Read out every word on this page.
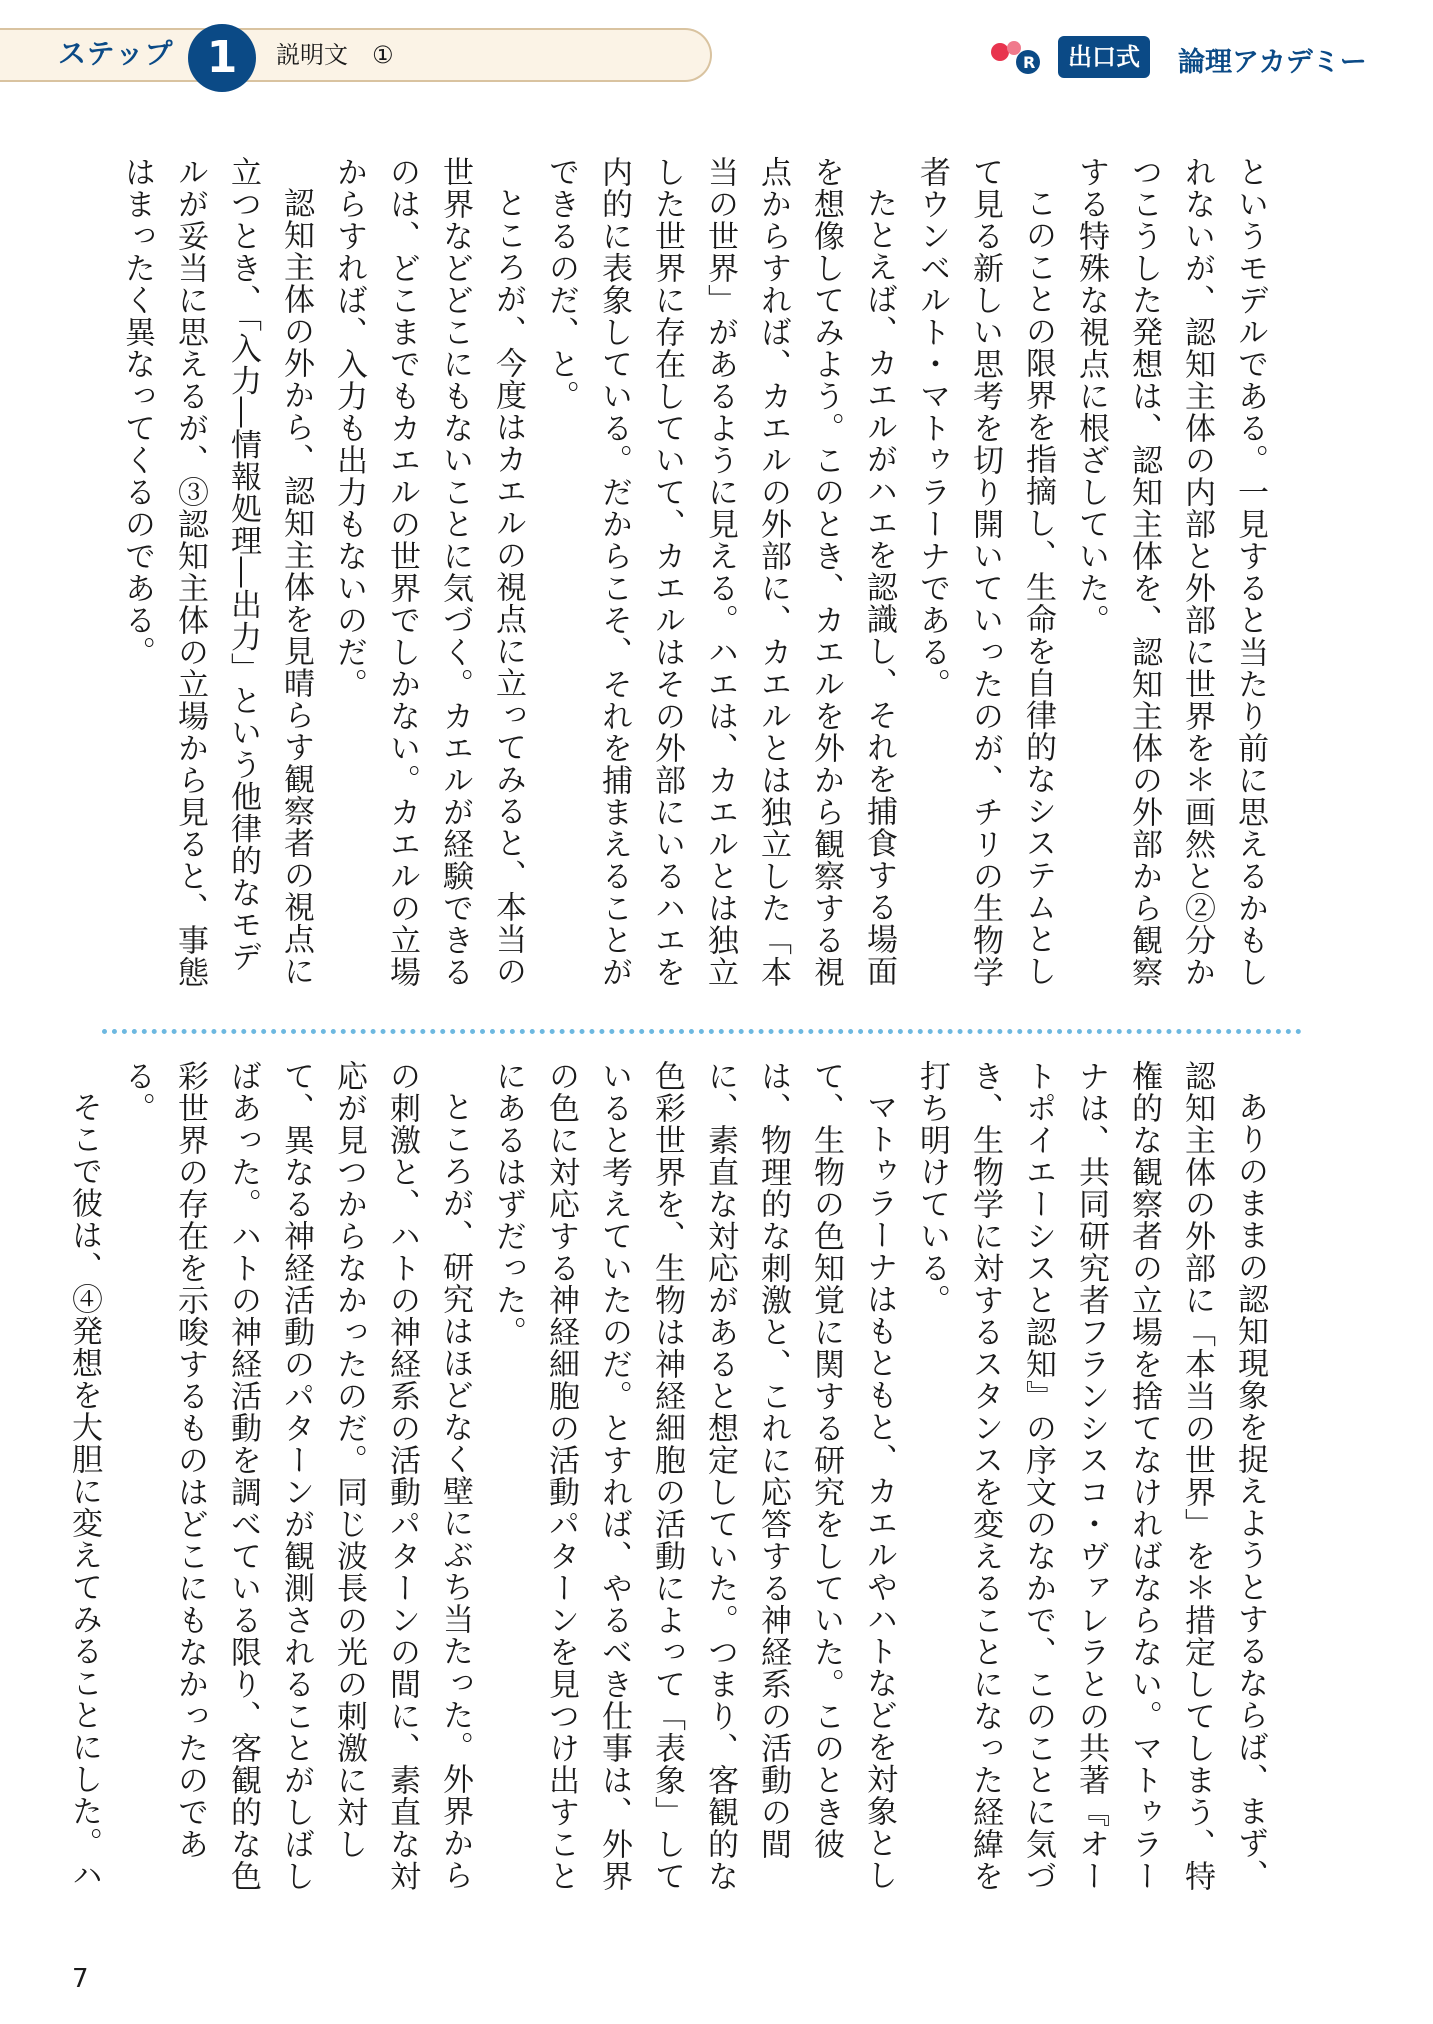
ステップ 1	説明文　①	R	出口式	論理アカデミー

というモデルである。一見すると当たり前に思えるかもしれないが、認知主体の内部と外部に世界を＊画然と②分かつこうした発想は、認知主体を、認知主体の外部から観察する特殊な視点に根ざしていた。

このことの限界を指摘し、生命を自律的なシステムとして見る新しい思考を切り開いていったのが、チリの生物学者ウンベルト・マトゥラーナである。

たとえば、カエルがハエを認識し、それを捕食する場面を想像してみよう。このとき、カエルを外から観察する視点からすれば、カエルの外部に、カエルとは独立した「本当の世界」があるように見える。ハエは、カエルとは独立した世界に存在していて、カエルはその外部にいるハエを内的に表象している。だからこそ、それを捕まえることができるのだ、と。

ところが、今度はカエルの視点に立ってみると、本当の世界などどこにもないことに気づく。カエルが経験できるのは、どこまでもカエルの世界でしかない。カエルの立場からすれば、入力も出力もないのだ。

認知主体の外から、認知主体を見晴らす観察者の視点に立つとき、「入力―情報処理―出力」という他律的なモデルが妥当に思えるが、③認知主体の立場から見ると、事態はまったく異なってくるのである。

ありのままの認知現象を捉えようとするならば、まず、認知主体の外部に「本当の世界」を＊措定してしまう、特権的な観察者の立場を捨てなければならない。マトゥラーナは、共同研究者フランシスコ・ヴァレラとの共著『オートポイエーシスと認知』の序文のなかで、このことに気づき、生物学に対するスタンスを変えることになった経緯を打ち明けている。

マトゥラーナはもともと、カエルやハトなどを対象として、生物の色知覚に関する研究をしていた。このとき彼は、物理的な刺激と、これに応答する神経系の活動の間に、素直な対応があると想定していた。つまり、客観的な色彩世界を、生物は神経細胞の活動によって「表象」していると考えていたのだ。とすれば、やるべき仕事は、外界の色に対応する神経細胞の活動パターンを見つけ出すことにあるはずだった。

ところが、研究はほどなく壁にぶち当たった。外界からの刺激と、ハトの神経系の活動パターンの間に、素直な対応が見つからなかったのだ。同じ波長の光の刺激に対して、異なる神経活動のパターンが観測されることがしばしばあった。ハトの神経活動を調べている限り、客観的な色彩世界の存在を示唆するものはどこにもなかったのである。

そこで彼は、④発想を大胆に変えてみることにした。ハ

7
